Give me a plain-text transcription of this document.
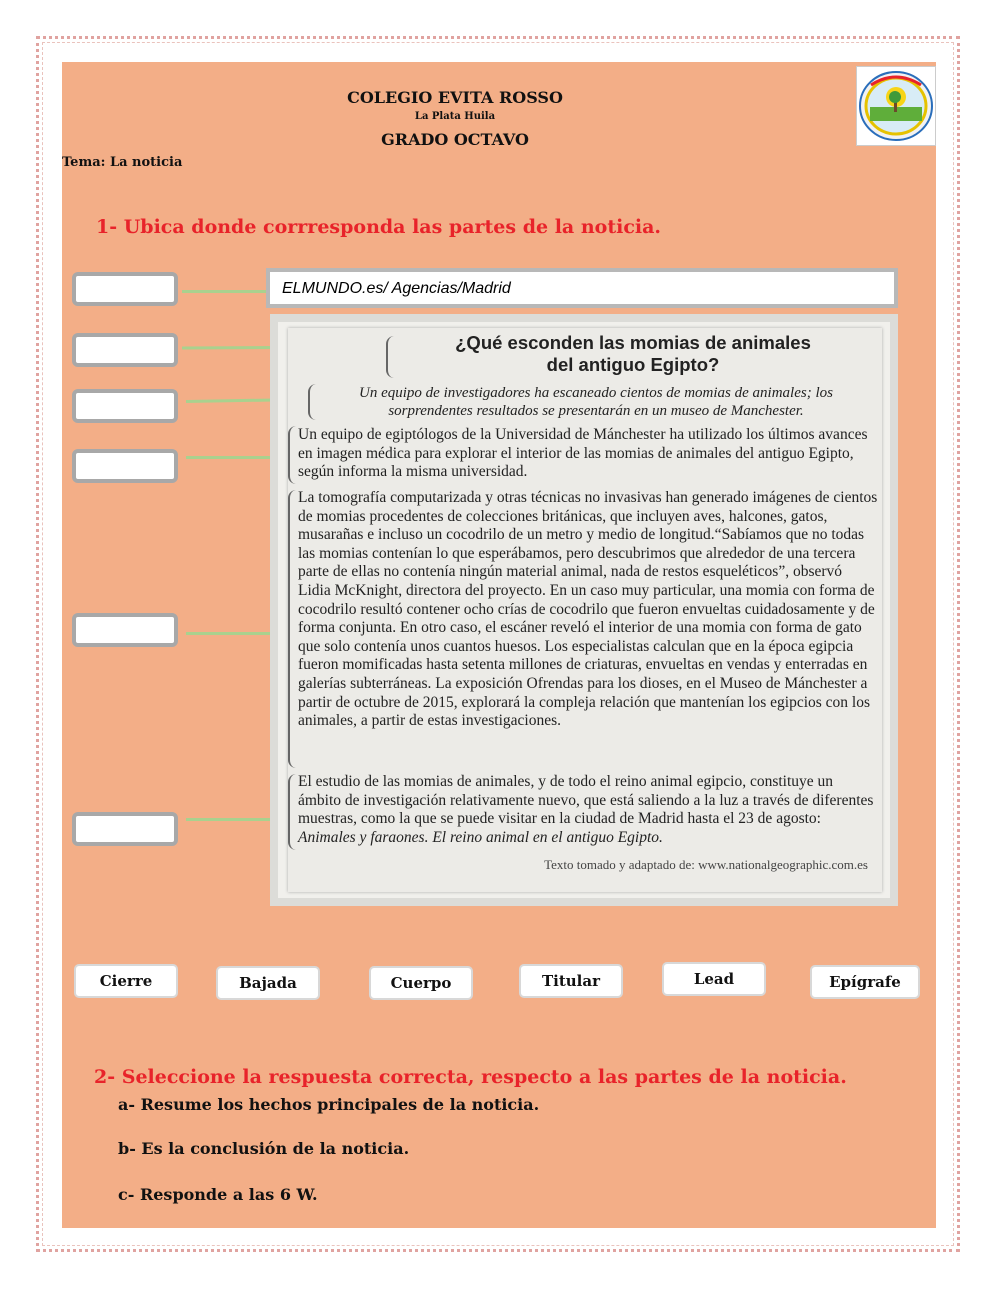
COLEGIO EVITA ROSSO
La Plata Huila
GRADO OCTAVO
Tema: La noticia
1- Ubica donde corrresponda las partes de la noticia.
ELMUNDO.es/ Agencias/Madrid
¿Qué esconden las momias de animales
del antiguo Egipto?
Un equipo de investigadores ha escaneado cientos de momias de animales; los
sorprendentes resultados se presentarán en un museo de Manchester.
Un equipo de egiptólogos de la Universidad de Mánchester ha utilizado los últimos avances en imagen médica para explorar el interior de las momias de animales del antiguo Egipto, según informa la misma universidad.
La tomografía computarizada y otras técnicas no invasivas han generado imágenes de cientos de momias procedentes de colecciones británicas, que incluyen aves, halcones, gatos, musarañas e incluso un cocodrilo de un metro y medio de longitud.“Sabíamos que no todas las momias contenían lo que esperábamos, pero descubrimos que alrededor de una tercera parte de ellas no contenía ningún material animal, nada de restos esqueléticos”, observó Lidia McKnight, directora del proyecto. En un caso muy particular, una momia con forma de cocodrilo resultó contener ocho crías de cocodrilo que fueron envueltas cuidadosamente y de forma conjunta. En otro caso, el escáner reveló el interior de una momia con forma de gato que solo contenía unos cuantos huesos. Los especialistas calculan que en la época egipcia fueron momificadas hasta setenta millones de criaturas, envueltas en vendas y enterradas en galerías subterráneas. La exposición Ofrendas para los dioses, en el Museo de Mánchester a partir de octubre de 2015, explorará la compleja relación que mantenían los egipcios con los animales, a partir de estas investigaciones.
El estudio de las momias de animales, y de todo el reino animal egipcio, constituye un ámbito de investigación relativamente nuevo, que está saliendo a la luz a través de diferentes muestras, como la que se puede visitar en la ciudad de Madrid hasta el 23 de agosto: Animales y faraones. El reino animal en el antiguo Egipto.
Texto tomado y adaptado de: www.nationalgeographic.com.es
Cierre	Bajada	Cuerpo	Titular	Lead	Epígrafe
2- Seleccione la respuesta correcta, respecto a las partes de la noticia.
a- Resume los hechos principales de la noticia.
b- Es la conclusión de la noticia.
c- Responde a las 6 W.
